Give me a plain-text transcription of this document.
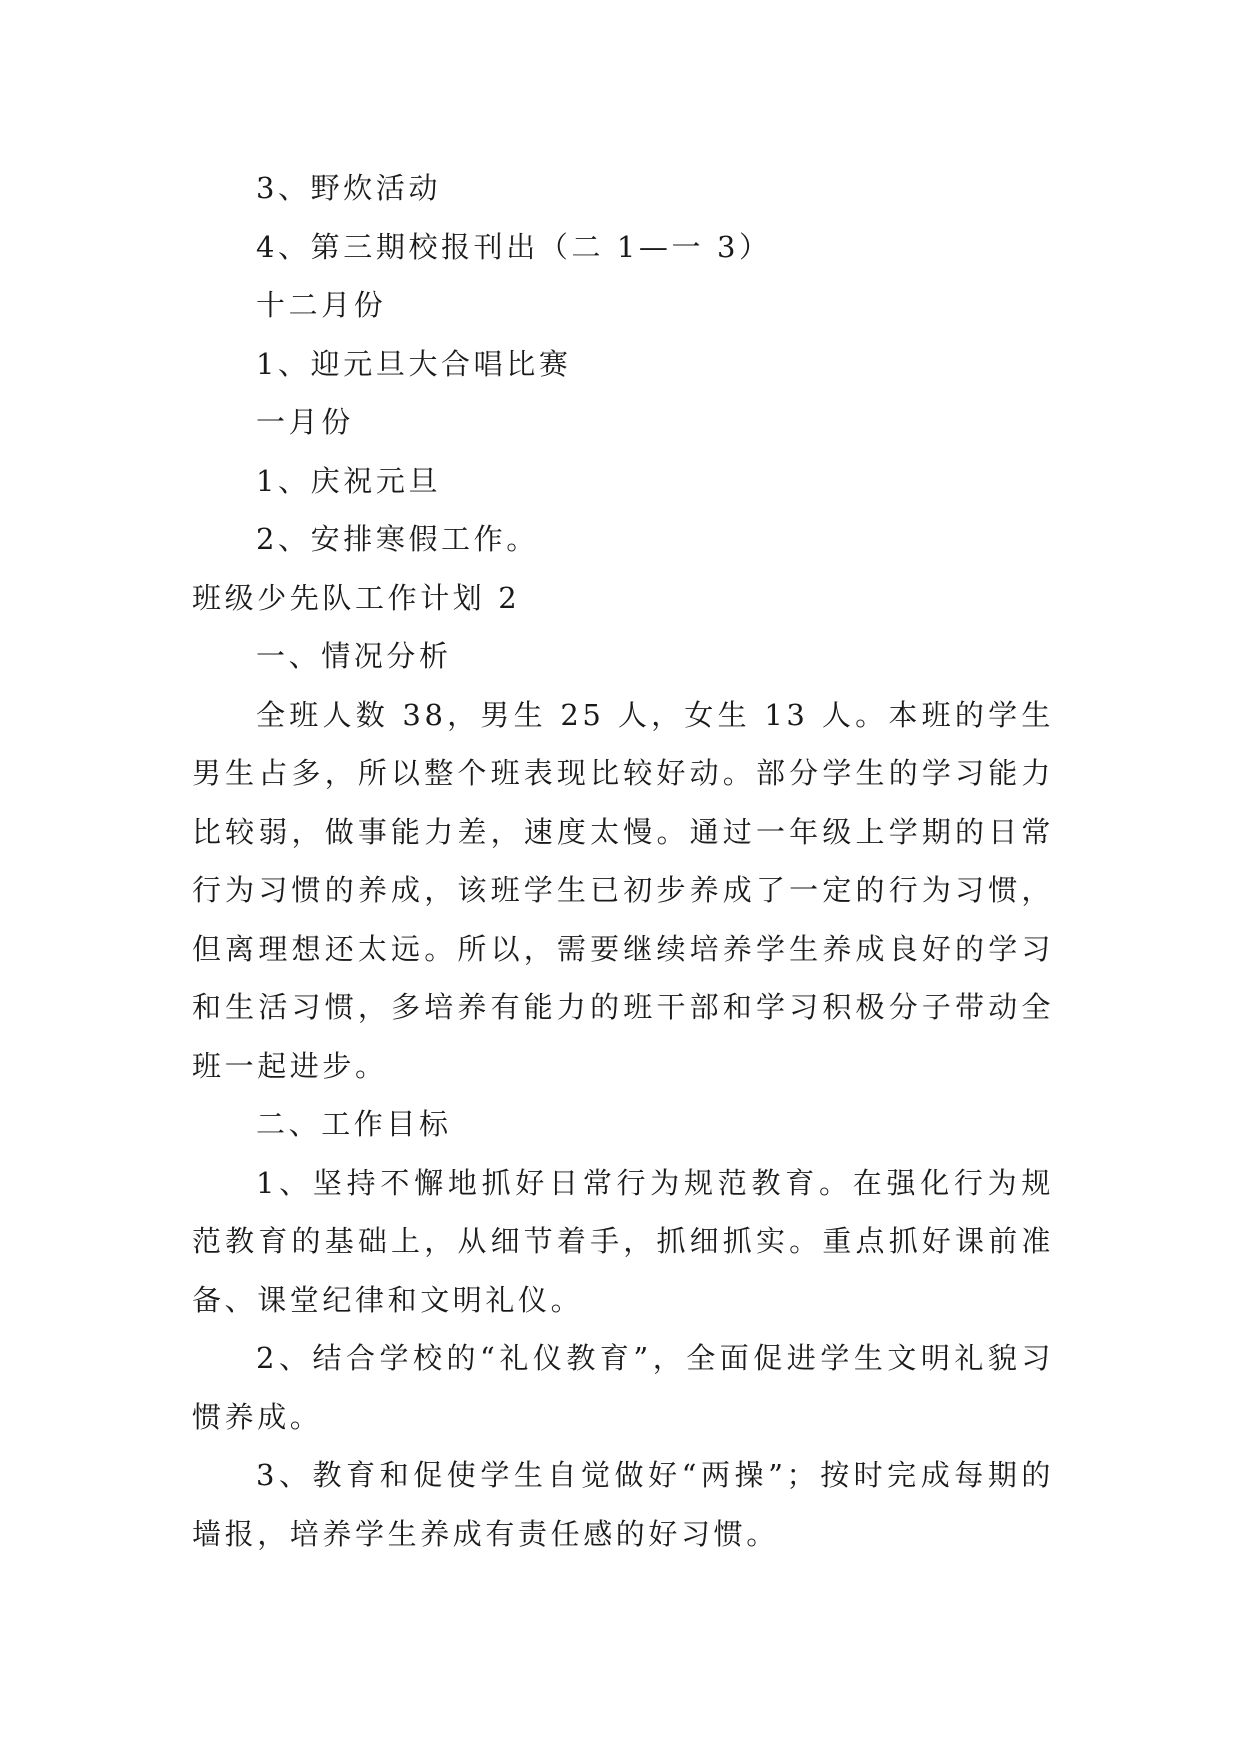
3、野炊活动

4、第三期校报刊出（二 1—一 3）

十二月份

1、迎元旦大合唱比赛

一月份

1、庆祝元旦

2、安排寒假工作。

班级少先队工作计划 2

一、情况分析

全班人数 38，男生 25 人，女生 13 人。本班的学生男生占多，所以整个班表现比较好动。部分学生的学习能力比较弱，做事能力差，速度太慢。通过一年级上学期的日常行为习惯的养成，该班学生已初步养成了一定的行为习惯，但离理想还太远。所以，需要继续培养学生养成良好的学习和生活习惯，多培养有能力的班干部和学习积极分子带动全班一起进步。

二、工作目标

1、坚持不懈地抓好日常行为规范教育。在强化行为规范教育的基础上，从细节着手，抓细抓实。重点抓好课前准备、课堂纪律和文明礼仪。

2、结合学校的“礼仪教育”，全面促进学生文明礼貌习惯养成。

3、教育和促使学生自觉做好“两操”；按时完成每期的墙报，培养学生养成有责任感的好习惯。
